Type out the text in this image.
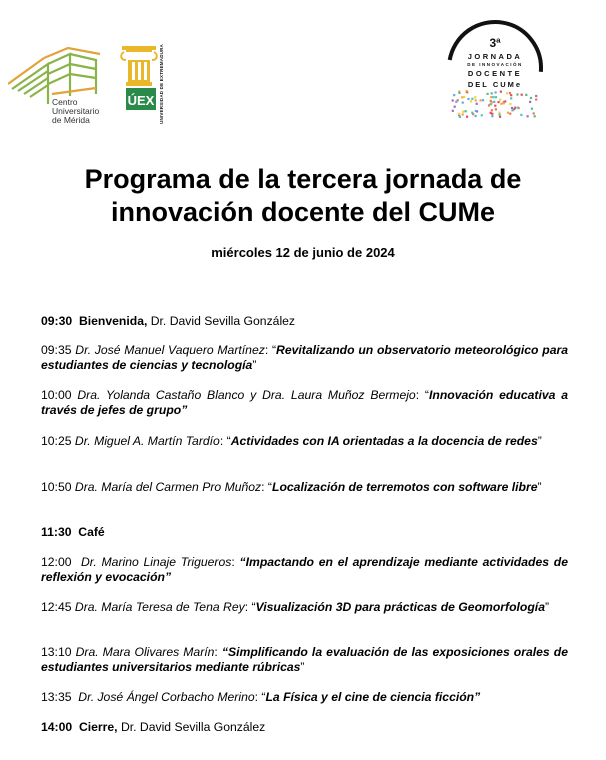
Centro
Universitario
de Mérida
ÚEX UNIVERSIDAD DE EXTREMADURA
3ª
JORNADA
DE INNOVACIÓN
DOCENTE
DEL CUMe
Programa de la tercera jornada de
innovación docente del CUMe
miércoles 12 de junio de 2024
09:30 Bienvenida, Dr. David Sevilla González
09:35 Dr. José Manuel Vaquero Martínez: “Revitalizando un observatorio meteorológico para estudiantes de ciencias y tecnología”
10:00 Dra. Yolanda Castaño Blanco y Dra. Laura Muñoz Bermejo: “Innovación educativa a través de jefes de grupo”
10:25 Dr. Miguel A. Martín Tardío: “Actividades con IA orientadas a la docencia de redes”
10:50 Dra. María del Carmen Pro Muñoz: “Localización de terremotos con software libre”
11:30 Café
12:00 Dr. Marino Linaje Trigueros: “Impactando en el aprendizaje mediante actividades de reflexión y evocación”
12:45 Dra. María Teresa de Tena Rey: “Visualización 3D para prácticas de Geomorfología”
13:10 Dra. Mara Olivares Marín: “Simplificando la evaluación de las exposiciones orales de estudiantes universitarios mediante rúbricas”
13:35 Dr. José Ángel Corbacho Merino: “La Física y el cine de ciencia ficción”
14:00 Cierre, Dr. David Sevilla González
